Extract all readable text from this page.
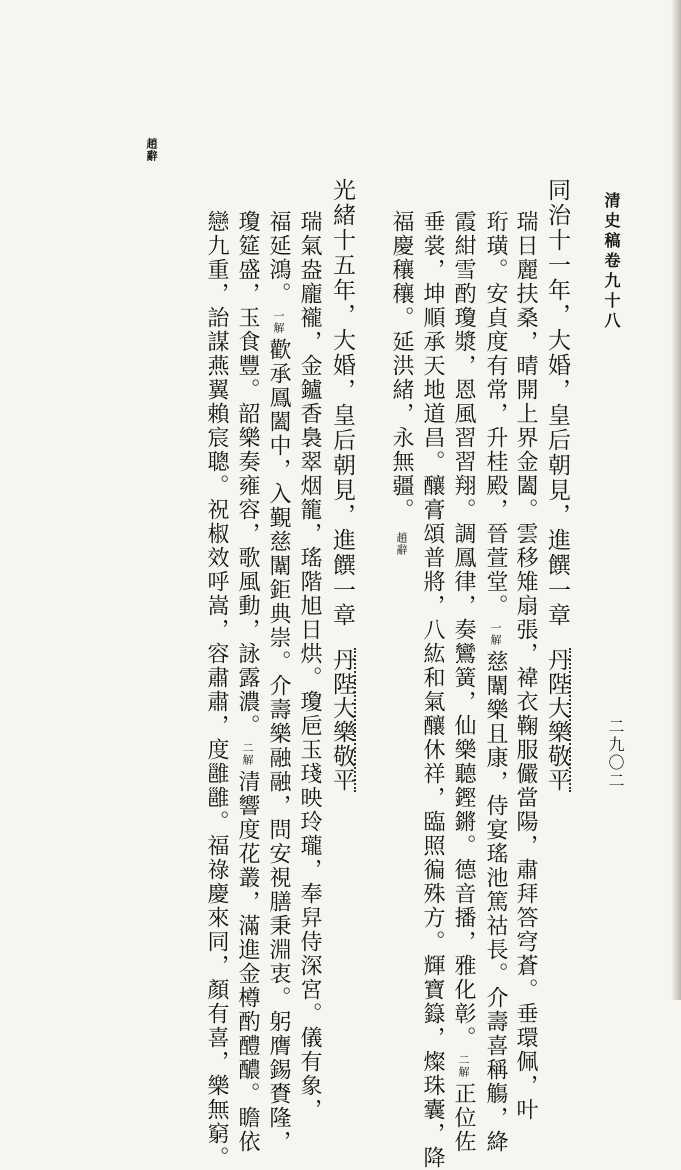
清史稿卷九十八
二九〇二
同治十一年，大婚，皇后朝見，進饌一章丹陛大樂敬平
瑞日麗扶桑，晴開上界金闔。雲移雉扇張，褘衣鞠服儼當陽，肅拜答穹蒼。垂環佩，叶
珩璜。安貞度有常，升桂殿，晉萱堂。一解慈闈樂且康，侍宴瑤池篤祜長。介壽喜稱觴，絳
霞紺雪酌瓊漿，恩風習習翔。調鳳律，奏鸞簧，仙樂聽鏗鏘。德音播，雅化彰。二解正位佐
垂裳，坤順承天地道昌。釀膏頌普將，八紘和氣釀休祥，臨照徧殊方。輝寶籙，燦珠囊，降
福慶穰穰。延洪緒，永無疆。趙辭
光緒十五年，大婚，皇后朝見，進饌一章丹陛大樂敬平
瑞氣盎龐襱，金鑪香裊翠烟籠，瑤階旭日烘。瓊巵玉琖映玲瓏，奉舁侍深宮。儀有象，
福延鴻。一解歡承鳳闔中，入覲慈闈鉅典崇。介壽樂融融，問安視膳秉淵衷。躬膺錫賚隆，
瓊筵盛，玉食豐。韶樂奏雍容，歌風動，詠露濃。二解清響度花叢，滿進金樽酌醴醲。瞻依
戀九重，詒謀燕翼賴宸聰。祝椒效呼嵩，容肅肅，度雝雝。福祿慶來同，顏有喜，樂無窮。
趙辭
